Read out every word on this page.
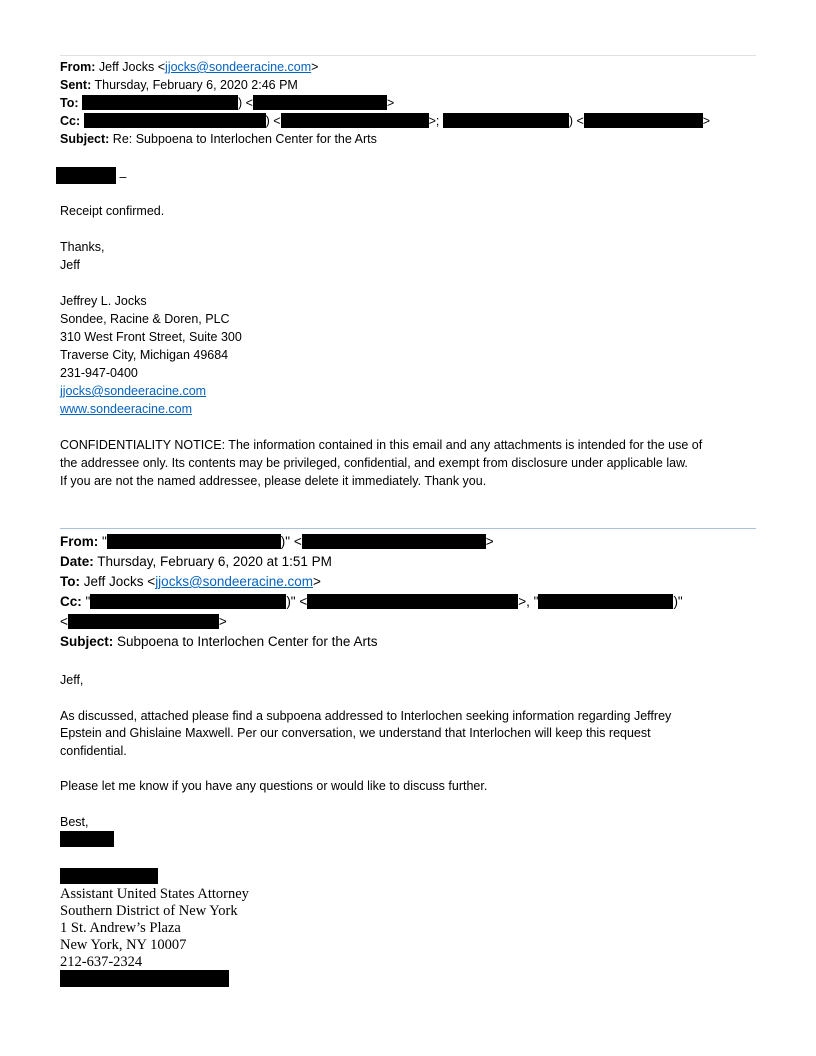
From: Jeff Jocks <jjocks@sondeeracine.com>
Sent: Thursday, February 6, 2020 2:46 PM
To:	) <	>
Cc:	) <	>;	) <	>
Subject: Re: Subpoena to Interlochen Center for the Arts
–
Receipt confirmed.
Thanks,
Jeff
Jeffrey L. Jocks
Sondee, Racine & Doren, PLC
310 West Front Street, Suite 300
Traverse City, Michigan 49684
231-947-0400
jjocks@sondeeracine.com
www.sondeeracine.com
CONFIDENTIALITY NOTICE: The information contained in this email and any attachments is intended for the use of
the addressee only. Its contents may be privileged, confidential, and exempt from disclosure under applicable law.
If you are not the named addressee, please delete it immediately. Thank you.
From: "	)" <	>
Date: Thursday, February 6, 2020 at 1:51 PM
To: Jeff Jocks <jjocks@sondeeracine.com>
Cc: "	)" <	>, "	)"
<	>
Subject: Subpoena to Interlochen Center for the Arts
Jeff,
As discussed, attached please find a subpoena addressed to Interlochen seeking information regarding Jeffrey
Epstein and Ghislaine Maxwell. Per our conversation, we understand that Interlochen will keep this request
confidential.
Please let me know if you have any questions or would like to discuss further.
Best,
Assistant United States Attorney
Southern District of New York
1 St. Andrew’s Plaza
New York, NY 10007
212-637-2324
